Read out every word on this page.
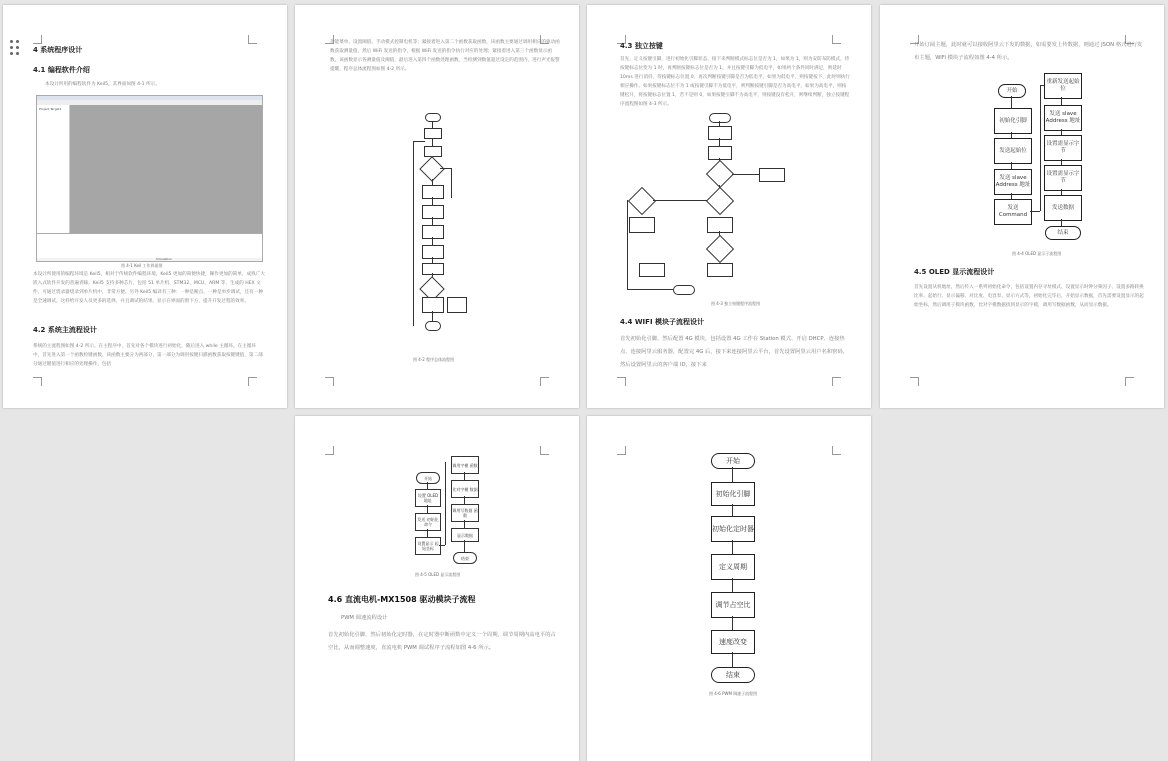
4 系统程序设计
4.1 编程软件介绍
本设计所用的编程软件为 Keil5，其界面如图 4-1 所示。
Project Target1
Simulation
图 4-1 Keil 工作界面图
本设计所使用的编程环境是 Keil5，相对于传统软件编程环境，Keil5 更加的简便快捷，操作更加的简单，成熟广大嵌入式软件开发的普遍青睐。Keil5 支持多种芯片，包括 51 单片机、STM32、MCU、ARM 等，生成的 HEX 文件，可通过烧录器烧录到单片机中，非常方便。另外 Keil5 编译有三种：一种是断点，一种是单步调试，还有一种是全速调试，这样给开发人员更多的选择，并且调试的结果、显示在界面的窗下方，提升开发过程的效率。
4.2 系统主流程设计
系统的主流程图如图 4-2 所示。在主程序中，首先对各个模块进行初始化，随后进入 while 主循环。在主循环中，首先进入第一个函数检键函数，该函数主要分为两部分，第一部分为调用按键扫描函数获取按键键值，第二部分通过键值进行相应的处理操作，包括
功能菜单、设置阈值、手动模式控制电机等；紧接着进入第二个函数获取函数，该函数主要通过调用相应的驱动函数获取测量值，然后 WiFi 发送的指令，根据 WiFi 发送的指令执行对应的处理；紧接着进入第三个函数显示函数，该函数显示各测量值及阈值，最后进入第四个函数处理函数，当检测到数值超过设定的范围内，进行声光报警提醒，程序总体流程图如图 4-2 所示。
图 4-2 程序总体流程图
4.3 独立按键
首先，定义按键引脚，进行初始化引脚状态，接下来判断模式标志位是否为 1，如果为 1，则为安防布防模式，待按键标志位变为 1 时，再判断按键标志位是否为 1，并且按键引脚为低电平，如果两个条件同时满足，则延时 10ms 进行消抖，待按键标志位置 0，再次判断按键引脚是否为低电平，如果为低电平，则按键按下，此时则执行相应操作。如果按键标志位不为 1 或按键引脚不为低电平，则判断按键引脚是否为高电平，如果为高电平，则按键松开，将按键标志位置 1，若不是则 0，如果按键引脚不为高电平，则按键没有松开，则继续判断，独立按键程序流程图如图 4-3 所示。
图 4-3 独立按键程序流程图
4.4 WIFI 模块子流程设计
首先初始化引脚，然后配置 4G 模块，包括设置 4G 工作在 Station 模式、开启 DHCP、连接热点、连接阿里云服务器，配置完 4G 后，接下来连接阿里云平台，首先设置阿里云用户名和密码，然后设置阿里云的客户端 ID，接下来
开始订阅主题，此时就可以接收阿里云下发的数据，如需要发上传数据，则通过 JSON 格式进行发布主题，WiFi 模块子流程如图 4-4 所示。
开始
初始化引脚
发送起始位
发送 slave Address 地址
发送 Command
重新发送起始位
发送 slave Address 地址
设置需显示字节
设置需显示字节
发送数据
结束
图 4-4 OLED 显示子流程图
4.5 OLED 显示流程设计
首先设置从机地址，然后传入一系列初始化命令，包括设置内存寻址模式、设置显示时钟分频因子、设置多路转换比率、起始行、显示偏移、对比度、电容泵、显示方式等，初始化完毕后，开始显示数据，首先需要设置显示的起始坐标，然后调用子模块函数，比对字模数据找到显示的字模，调用写数据函数，从而显示数据。
开始
设置 OLED 地址
发送 初始化命令
设置显示 起始坐标
调用字模 函数
比对字模 数据
调用写数据 函数
显示数据
结束
图 4-5 OLED 显示流程图
4.6 直流电机-MX1508 驱动模块子流程
PWM 调速流程设计
首先初始化引脚，然后初始化定时器，在定时器中断函数中定义一个周期，调节周期内高电平的占空比，从而调整速度，直流电机 PWM 调试程序子流程如图 4-6 所示。
开始
初始化引脚
初始化定时器
定义周期
调节占空比
速度改变
结束
图 4-6 PWM 调速子流程图
